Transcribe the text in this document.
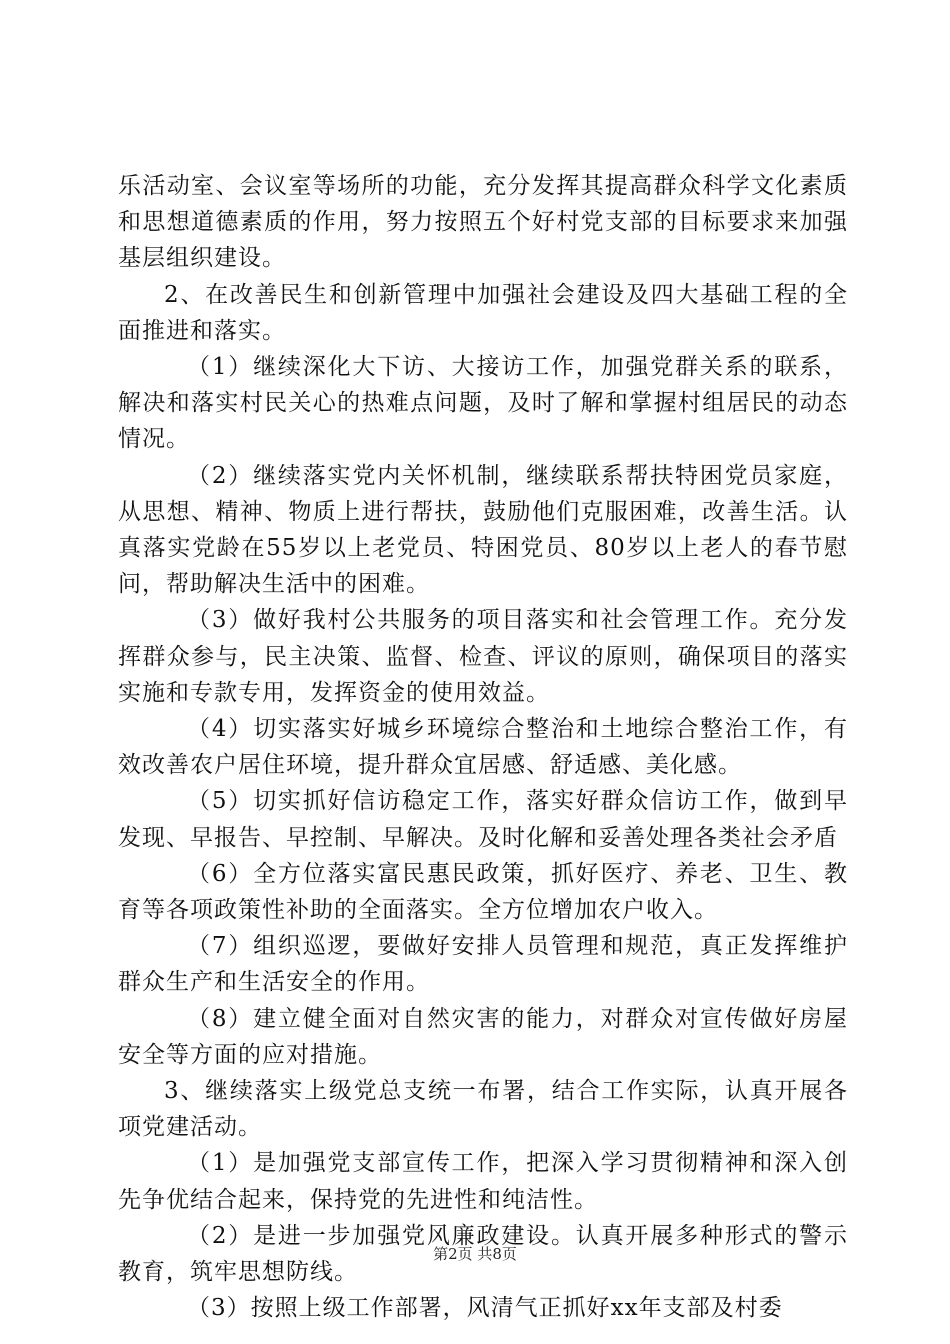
乐活动室、会议室等场所的功能，充分发挥其提高群众科学文化素质和思想道德素质的作用，努力按照五个好村党支部的目标要求来加强基层组织建设。

2、在改善民生和创新管理中加强社会建设及四大基础工程的全面推进和落实。

（1）继续深化大下访、大接访工作，加强党群关系的联系，解决和落实村民关心的热难点问题，及时了解和掌握村组居民的动态情况。

（2）继续落实党内关怀机制，继续联系帮扶特困党员家庭，从思想、精神、物质上进行帮扶，鼓励他们克服困难，改善生活。认真落实党龄在55岁以上老党员、特困党员、80岁以上老人的春节慰问，帮助解决生活中的困难。

（3）做好我村公共服务的项目落实和社会管理工作。充分发挥群众参与，民主决策、监督、检查、评议的原则，确保项目的落实实施和专款专用，发挥资金的使用效益。

（4）切实落实好城乡环境综合整治和土地综合整治工作，有效改善农户居住环境，提升群众宜居感、舒适感、美化感。

（5）切实抓好信访稳定工作，落实好群众信访工作，做到早发现、早报告、早控制、早解决。及时化解和妥善处理各类社会矛盾

（6）全方位落实富民惠民政策，抓好医疗、养老、卫生、教育等各项政策性补助的全面落实。全方位增加农户收入。

（7）组织巡逻，要做好安排人员管理和规范，真正发挥维护群众生产和生活安全的作用。

（8）建立健全面对自然灾害的能力，对群众对宣传做好房屋安全等方面的应对措施。

3、继续落实上级党总支统一布署，结合工作实际，认真开展各项党建活动。

（1）是加强党支部宣传工作，把深入学习贯彻精神和深入创先争优结合起来，保持党的先进性和纯洁性。

（2）是进一步加强党风廉政建设。认真开展多种形式的警示教育，筑牢思想防线。

（3）按照上级工作部署，风清气正抓好xx年支部及村委

第2页 共8页
